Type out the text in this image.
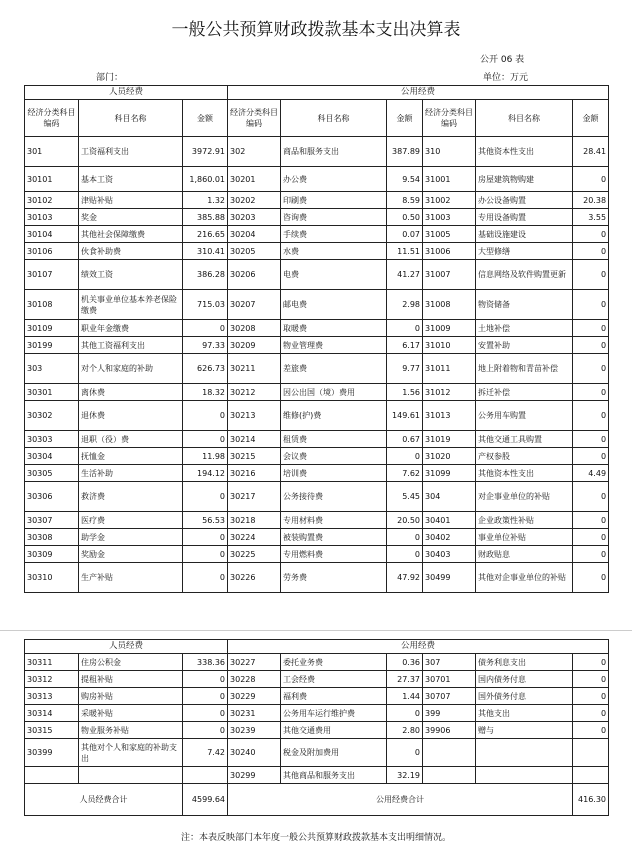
一般公共预算财政拨款基本支出决算表
公开 06 表
部门：	单位：万元
人员经费			公用经费					
经济分类科目编码	科目名称	金额	经济分类科目编码	科目名称	金额	经济分类科目编码	科目名称	金额
301	工资福利支出	3972.91	302	商品和服务支出	387.89	310	其他资本性支出	28.41
30101	基本工资	1,860.01	30201	办公费	9.54	31001	房屋建筑物购建	0
30102	津贴补贴	1.32	30202	印刷费	8.59	31002	办公设备购置	20.38
30103	奖金	385.88	30203	咨询费	0.50	31003	专用设备购置	3.55
30104	其他社会保障缴费	216.65	30204	手续费	0.07	31005	基础设施建设	0
30106	伙食补助费	310.41	30205	水费	11.51	31006	大型修缮	0
30107	绩效工资	386.28	30206	电费	41.27	31007	信息网络及软件购置更新	0
30108	机关事业单位基本养老保险缴费	715.03	30207	邮电费	2.98	31008	物资储备	0
30109	职业年金缴费	0	30208	取暖费	0	31009	土地补偿	0
30199	其他工资福利支出	97.33	30209	物业管理费	6.17	31010	安置补助	0
303	对个人和家庭的补助	626.73	30211	差旅费	9.77	31011	地上附着物和青苗补偿	0
30301	离休费	18.32	30212	因公出国（境）费用	1.56	31012	拆迁补偿	0
30302	退休费	0	30213	维修(护)费	149.61	31013	公务用车购置	0
30303	退职（役）费	0	30214	租赁费	0.67	31019	其他交通工具购置	0
30304	抚恤金	11.98	30215	会议费	0	31020	产权参股	0
30305	生活补助	194.12	30216	培训费	7.62	31099	其他资本性支出	4.49
30306	救济费	0	30217	公务接待费	5.45	304	对企事业单位的补贴	0
30307	医疗费	56.53	30218	专用材料费	20.50	30401	企业政策性补贴	0
30308	助学金	0	30224	被装购置费	0	30402	事业单位补贴	0
30309	奖励金	0	30225	专用燃料费	0	30403	财政贴息	0
30310	生产补贴	0	30226	劳务费	47.92	30499	其他对企事业单位的补贴	0
人员经费			公用经费					
30311	住房公积金	338.36	30227	委托业务费	0.36	307	债务利息支出	0
30312	提租补贴	0	30228	工会经费	27.37	30701	国内债务付息	0
30313	购房补贴	0	30229	福利费	1.44	30707	国外债务付息	0
30314	采暖补贴	0	30231	公务用车运行维护费	0	399	其他支出	0
30315	物业服务补贴	0	30239	其他交通费用	2.80	39906	赠与	0
30399	其他对个人和家庭的补助支出	7.42	30240	税金及附加费用	0			
			30299	其他商品和服务支出	32.19			
人员经费合计		4599.64	公用经费合计					416.30
注：本表反映部门本年度一般公共预算财政拨款基本支出明细情况。
